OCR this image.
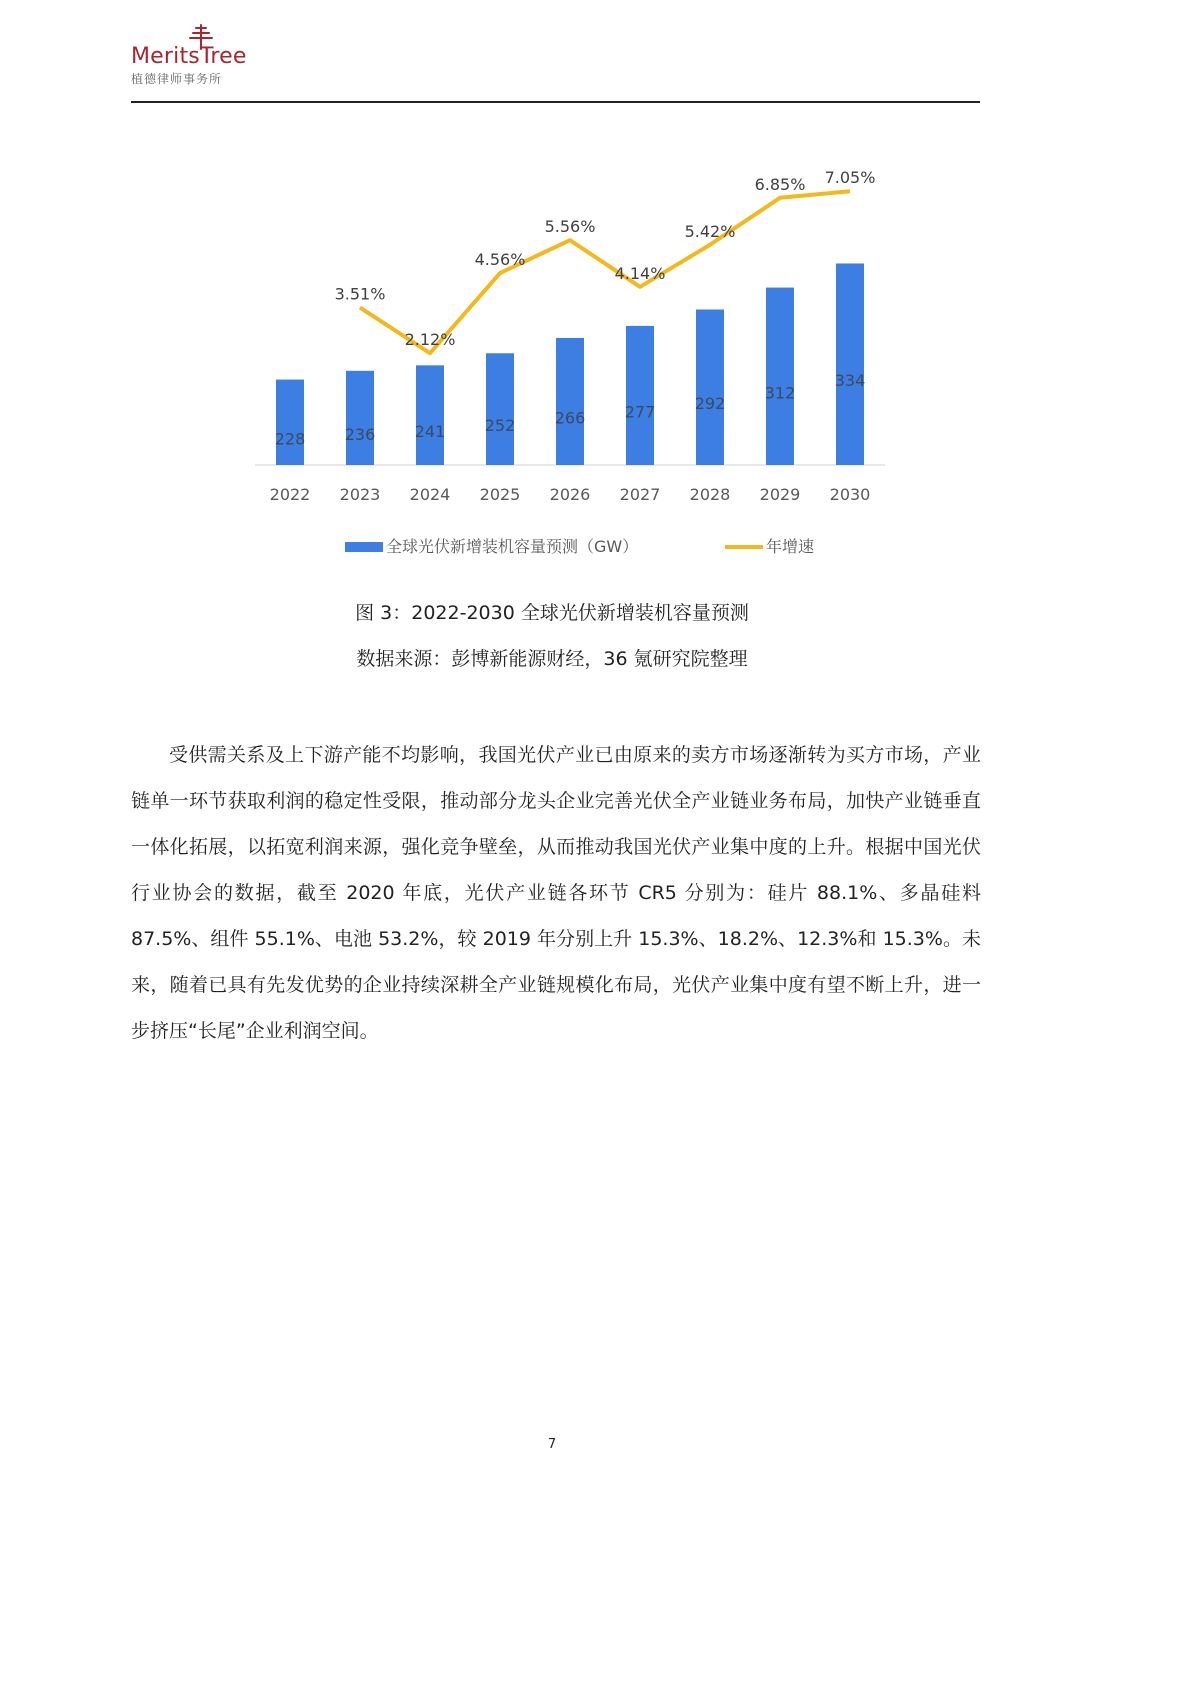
MeritsTree
植德律师事务所
228 236 241 252 266 277 292
312
334
2022 2023 2024 2025 2026 2027 2028 2029 2030
3.51%
2.12%
4.56%
5.56%
4.14%
5.42%
6.85% 7.05%
全球光伏新增装机容量预测（GW）	年增速
图 3：2022-2030 全球光伏新增装机容量预测
数据来源：彭博新能源财经，36 氪研究院整理
受供需关系及上下游产能不均影响，我国光伏产业已由原来的卖方市场逐渐转为买方市场，产业链单一环节获取利润的稳定性受限，推动部分龙头企业完善光伏全产业链业务布局，加快产业链垂直一体化拓展，以拓宽利润来源，强化竞争壁垒，从而推动我国光伏产业集中度的上升。根据中国光伏行业协会的数据，截至 2020 年底，光伏产业链各环节 CR5 分别为：硅片 88.1%、多晶硅料 87.5%、组件 55.1%、电池 53.2%，较 2019 年分别上升 15.3%、18.2%、12.3%和 15.3%。未来，随着已具有先发优势的企业持续深耕全产业链规模化布局，光伏产业集中度有望不断上升，进一步挤压“长尾”企业利润空间。
7
